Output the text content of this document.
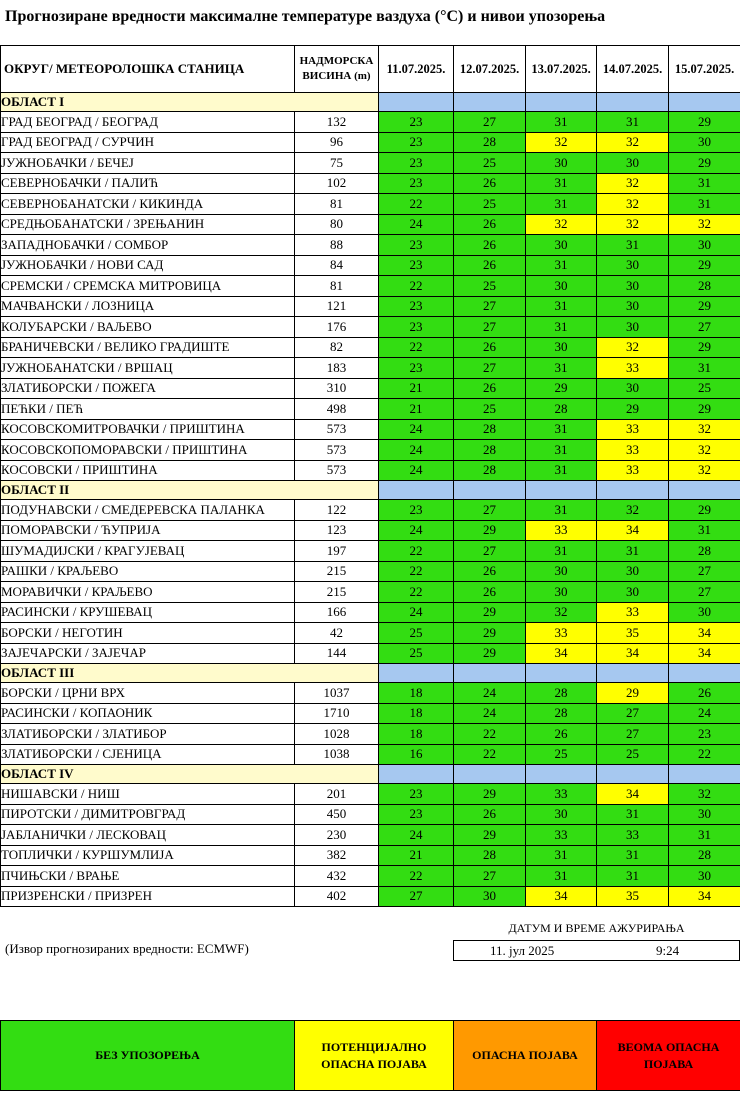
Прогнозиране вредности максималне температуре ваздуха (°C) и нивои упозорења
ОКРУГ/ МЕТЕОРОЛОШКА СТАНИЦА	НАДМОРСКА ВИСИНА (m)	11.07.2025.	12.07.2025.	13.07.2025.	14.07.2025.	15.07.2025.
ОБЛАСТ I						
ГРАД БЕОГРАД / БЕОГРАД	132	23	27	31	31	29
ГРАД БЕОГРАД / СУРЧИН	96	23	28	32	32	30
ЈУЖНОБАЧКИ / БЕЧЕЈ	75	23	25	30	30	29
СЕВЕРНОБАЧКИ / ПАЛИЋ	102	23	26	31	32	31
СЕВЕРНОБАНАТСКИ / КИКИНДА	81	22	25	31	32	31
СРЕДЊОБАНАТСКИ / ЗРЕЊАНИН	80	24	26	32	32	32
ЗАПАДНОБАЧКИ / СОМБОР	88	23	26	30	31	30
ЈУЖНОБАЧКИ / НОВИ САД	84	23	26	31	30	29
СРЕМСКИ / СРЕМСКА МИТРОВИЦА	81	22	25	30	30	28
МАЧВАНСКИ / ЛОЗНИЦА	121	23	27	31	30	29
КОЛУБАРСКИ / ВАЉЕВО	176	23	27	31	30	27
БРАНИЧЕВСКИ / ВЕЛИКО ГРАДИШТЕ	82	22	26	30	32	29
ЈУЖНОБАНАТСКИ / ВРШАЦ	183	23	27	31	33	31
ЗЛАТИБОРСКИ / ПОЖЕГА	310	21	26	29	30	25
ПЕЋКИ / ПЕЋ	498	21	25	28	29	29
КОСОВСКОМИТРОВАЧКИ / ПРИШТИНА	573	24	28	31	33	32
КОСОВСКОПОМОРАВСКИ / ПРИШТИНА	573	24	28	31	33	32
КОСОВСКИ / ПРИШТИНА	573	24	28	31	33	32
ОБЛАСТ II						
ПОДУНАВСКИ / СМЕДЕРЕВСКА ПАЛАНКА	122	23	27	31	32	29
ПОМОРАВСКИ / ЋУПРИЈА	123	24	29	33	34	31
ШУМАДИЈСКИ / КРАГУЈЕВАЦ	197	22	27	31	31	28
РАШКИ / КРАЉЕВО	215	22	26	30	30	27
МОРАВИЧКИ / КРАЉЕВО	215	22	26	30	30	27
РАСИНСКИ / КРУШЕВАЦ	166	24	29	32	33	30
БОРСКИ / НЕГОТИН	42	25	29	33	35	34
ЗАЈЕЧАРСКИ / ЗАЈЕЧАР	144	25	29	34	34	34
ОБЛАСТ III						
БОРСКИ / ЦРНИ ВРХ	1037	18	24	28	29	26
РАСИНСКИ / КОПАОНИК	1710	18	24	28	27	24
ЗЛАТИБОРСКИ / ЗЛАТИБОР	1028	18	22	26	27	23
ЗЛАТИБОРСКИ / СЈЕНИЦА	1038	16	22	25	25	22
ОБЛАСТ IV						
НИШАВСКИ / НИШ	201	23	29	33	34	32
ПИРОТСКИ / ДИМИТРОВГРАД	450	23	26	30	31	30
ЈАБЛАНИЧКИ / ЛЕСКОВАЦ	230	24	29	33	33	31
ТОПЛИЧКИ / КУРШУМЛИЈА	382	21	28	31	31	28
ПЧИЊСКИ / ВРАЊЕ	432	22	27	31	31	30
ПРИЗРЕНСКИ / ПРИЗРЕН	402	27	30	34	35	34
(Извор прогнозираних вредности: ECMWF)
ДАТУМ И ВРЕМЕ АЖУРИРАЊА
11. јул 2025	9:24
БЕЗ УПОЗОРЕЊА	ПОТЕНЦИЈАЛНО ОПАСНА ПОЈАВА	ОПАСНА ПОЈАВА	ВЕОМА ОПАСНА ПОЈАВА
